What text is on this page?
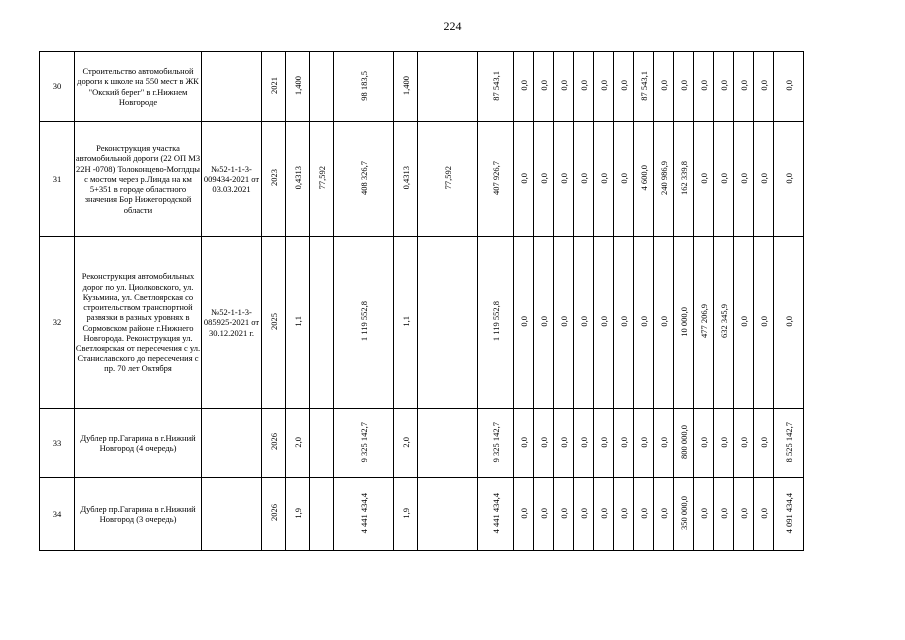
224
30	Строительство автомобильной дороги к школе на 550 мест в ЖК "Окский берег" в г.Нижнем Новгороде		2021	1,400		98 183,5	1,400		87 543,1	0,0	0,0	0,0	0,0	0,0	0,0	87 543,1	0,0	0,0	0,0	0,0	0,0	0,0	0,0
31	Реконструкция участка автомобильной дороги (22 ОП МЗ 22Н -0708) Толоконцево-Моглдцы с мостом через р.Линда на км 5+351 в городе областного значения Бор Нижегородской области	№52-1-1-3-009434-2021 от 03.03.2021	2023	0,4313	77,592	408 326,7	0,4313	77,592	407 926,7	0,0	0,0	0,0	0,0	0,0	0,0	4 600,0	240 986,9	162 339,8	0,0	0,0	0,0	0,0	0,0
32	Реконструкция автомобильных дорог по ул. Циолковского, ул. Кузьмина, ул. Светлоярская со строительством транспортной развязки в разных уровнях в Сормовском районе г.Нижнего Новгорода. Реконструкция ул. Светлоярская от пересечения с ул. Станиславского до пересечения с пр. 70 лет Октября	№52-1-1-3-085925-2021 от 30.12.2021 г.	2025	1,1		1 119 552,8	1,1		1 119 552,8	0,0	0,0	0,0	0,0	0,0	0,0	0,0	0,0	10 000,0	477 206,9	632 345,9	0,0	0,0	0,0
33	Дублер пр.Гагарина в г.Нижний Новгород (4 очередь)		2026	2,0		9 325 142,7	2,0		9 325 142,7	0,0	0,0	0,0	0,0	0,0	0,0	0,0	0,0	800 000,0	0,0	0,0	0,0	0,0	8 525 142,7
34	Дублер пр.Гагарина в г.Нижний Новгород (3 очередь)		2026	1,9		4 441 434,4	1,9		4 441 434,4	0,0	0,0	0,0	0,0	0,0	0,0	0,0	0,0	350 000,0	0,0	0,0	0,0	0,0	4 091 434,4
